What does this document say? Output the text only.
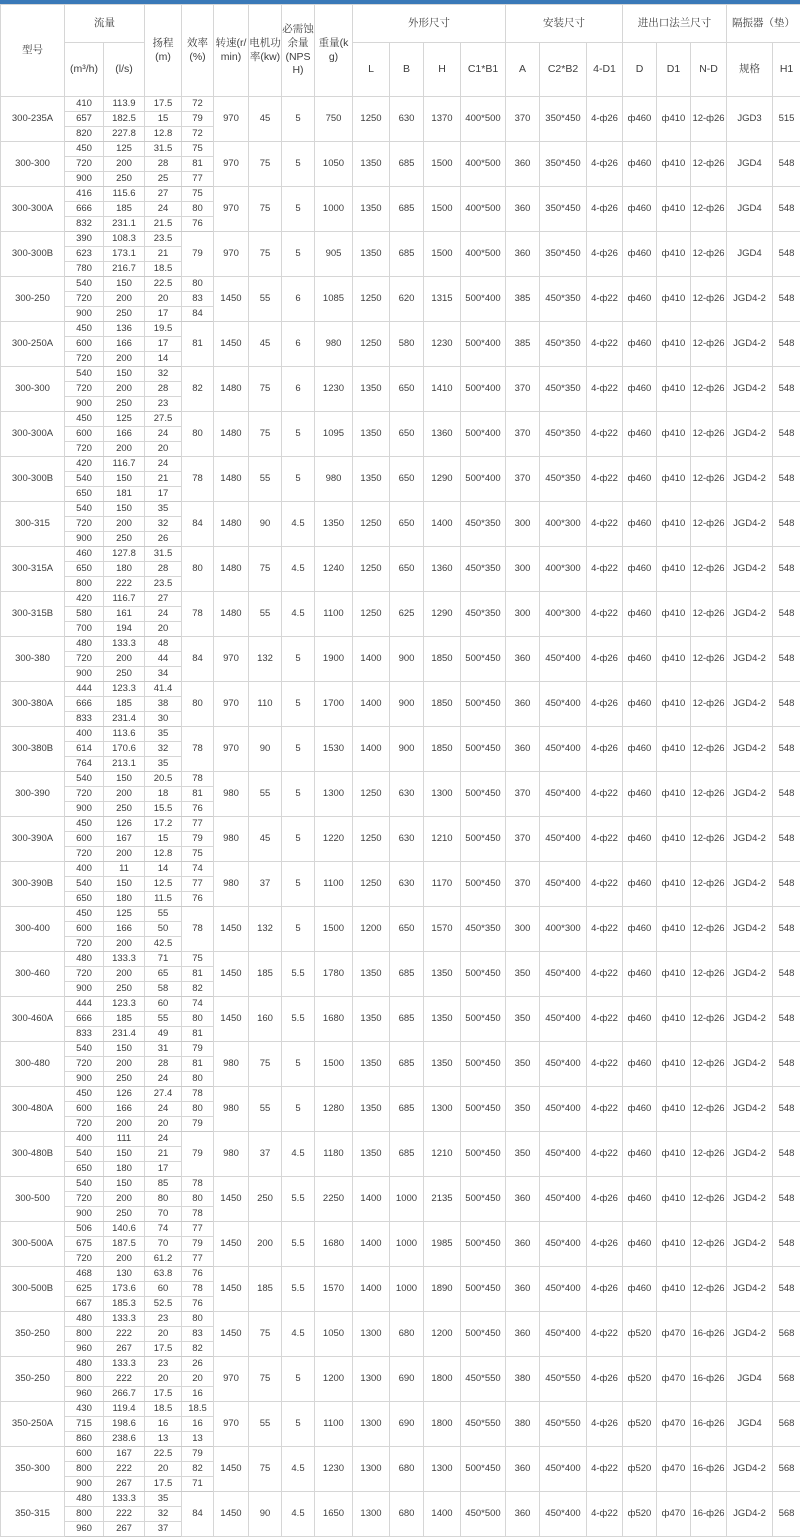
型号	流量		扬程(m)	效率(%)	转速(r/min)	电机功率(kw)	必需蚀余量(NPSH)	重量(kg)	外形尺寸				安装尺寸			进出口法兰尺寸			隔振器（垫）	
	(m³/h)	(l/s)							L	B	H	C1*B1	A	C2*B2	4-D1	D	D1	N-D	规格	H1
300-235A	410	113.9	17.5	72	970	45	5	750	1250	630	1370	400*500	370	350*450	4-ф26	ф460	ф410	12-ф26	JGD3	515
	657	182.5	15	79																
	820	227.8	12.8	72																
300-300	450	125	31.5	75	970	75	5	1050	1350	685	1500	400*500	360	350*450	4-ф26	ф460	ф410	12-ф26	JGD4	548
	720	200	28	81																
	900	250	25	77																
300-300A	416	115.6	27	75	970	75	5	1000	1350	685	1500	400*500	360	350*450	4-ф26	ф460	ф410	12-ф26	JGD4	548
	666	185	24	80																
	832	231.1	21.5	76																
300-300B	390	108.3	23.5	79	970	75	5	905	1350	685	1500	400*500	360	350*450	4-ф26	ф460	ф410	12-ф26	JGD4	548
	623	173.1	21																	
	780	216.7	18.5																	
300-250	540	150	22.5	80	1450	55	6	1085	1250	620	1315	500*400	385	450*350	4-ф22	ф460	ф410	12-ф26	JGD4-2	548
	720	200	20	83																
	900	250	17	84																
300-250A	450	136	19.5	81	1450	45	6	980	1250	580	1230	500*400	385	450*350	4-ф22	ф460	ф410	12-ф26	JGD4-2	548
	600	166	17																	
	720	200	14																	
300-300	540	150	32	82	1480	75	6	1230	1350	650	1410	500*400	370	450*350	4-ф22	ф460	ф410	12-ф26	JGD4-2	548
	720	200	28																	
	900	250	23																	
300-300A	450	125	27.5	80	1480	75	5	1095	1350	650	1360	500*400	370	450*350	4-ф22	ф460	ф410	12-ф26	JGD4-2	548
	600	166	24																	
	720	200	20																	
300-300B	420	116.7	24	78	1480	55	5	980	1350	650	1290	500*400	370	450*350	4-ф22	ф460	ф410	12-ф26	JGD4-2	548
	540	150	21																	
	650	181	17																	
300-315	540	150	35	84	1480	90	4.5	1350	1250	650	1400	450*350	300	400*300	4-ф22	ф460	ф410	12-ф26	JGD4-2	548
	720	200	32																	
	900	250	26																	
300-315A	460	127.8	31.5	80	1480	75	4.5	1240	1250	650	1360	450*350	300	400*300	4-ф22	ф460	ф410	12-ф26	JGD4-2	548
	650	180	28																	
	800	222	23.5																	
300-315B	420	116.7	27	78	1480	55	4.5	1100	1250	625	1290	450*350	300	400*300	4-ф22	ф460	ф410	12-ф26	JGD4-2	548
	580	161	24																	
	700	194	20																	
300-380	480	133.3	48	84	970	132	5	1900	1400	900	1850	500*450	360	450*400	4-ф26	ф460	ф410	12-ф26	JGD4-2	548
	720	200	44																	
	900	250	34																	
300-380A	444	123.3	41.4	80	970	110	5	1700	1400	900	1850	500*450	360	450*400	4-ф26	ф460	ф410	12-ф26	JGD4-2	548
	666	185	38																	
	833	231.4	30																	
300-380B	400	113.6	35	78	970	90	5	1530	1400	900	1850	500*450	360	450*400	4-ф26	ф460	ф410	12-ф26	JGD4-2	548
	614	170.6	32																	
	764	213.1	35																	
300-390	540	150	20.5	78	980	55	5	1300	1250	630	1300	500*450	370	450*400	4-ф22	ф460	ф410	12-ф26	JGD4-2	548
	720	200	18	81																
	900	250	15.5	76																
300-390A	450	126	17.2	77	980	45	5	1220	1250	630	1210	500*450	370	450*400	4-ф22	ф460	ф410	12-ф26	JGD4-2	548
	600	167	15	79																
	720	200	12.8	75																
300-390B	400	11	14	74	980	37	5	1100	1250	630	1170	500*450	370	450*400	4-ф22	ф460	ф410	12-ф26	JGD4-2	548
	540	150	12.5	77																
	650	180	11.5	76																
300-400	450	125	55	78	1450	132	5	1500	1200	650	1570	450*350	300	400*300	4-ф22	ф460	ф410	12-ф26	JGD4-2	548
	600	166	50																	
	720	200	42.5																	
300-460	480	133.3	71	75	1450	185	5.5	1780	1350	685	1350	500*450	350	450*400	4-ф22	ф460	ф410	12-ф26	JGD4-2	548
	720	200	65	81																
	900	250	58	82																
300-460A	444	123.3	60	74	1450	160	5.5	1680	1350	685	1350	500*450	350	450*400	4-ф22	ф460	ф410	12-ф26	JGD4-2	548
	666	185	55	80																
	833	231.4	49	81																
300-480	540	150	31	79	980	75	5	1500	1350	685	1350	500*450	350	450*400	4-ф22	ф460	ф410	12-ф26	JGD4-2	548
	720	200	28	81																
	900	250	24	80																
300-480A	450	126	27.4	78	980	55	5	1280	1350	685	1300	500*450	350	450*400	4-ф22	ф460	ф410	12-ф26	JGD4-2	548
	600	166	24	80																
	720	200	20	79																
300-480B	400	111	24	79	980	37	4.5	1180	1350	685	1210	500*450	350	450*400	4-ф22	ф460	ф410	12-ф26	JGD4-2	548
	540	150	21																	
	650	180	17																	
300-500	540	150	85	78	1450	250	5.5	2250	1400	1000	2135	500*450	360	450*400	4-ф26	ф460	ф410	12-ф26	JGD4-2	548
	720	200	80	80																
	900	250	70	78																
300-500A	506	140.6	74	77	1450	200	5.5	1680	1400	1000	1985	500*450	360	450*400	4-ф26	ф460	ф410	12-ф26	JGD4-2	548
	675	187.5	70	79																
	720	200	61.2	77																
300-500B	468	130	63.8	76	1450	185	5.5	1570	1400	1000	1890	500*450	360	450*400	4-ф26	ф460	ф410	12-ф26	JGD4-2	548
	625	173.6	60	78																
	667	185.3	52.5	76																
350-250	480	133.3	23	80	1450	75	4.5	1050	1300	680	1200	500*450	360	450*400	4-ф22	ф520	ф470	16-ф26	JGD4-2	568
	800	222	20	83																
	960	267	17.5	82																
350-250	480	133.3	23	26	970	75	5	1200	1300	690	1800	450*550	380	450*550	4-ф26	ф520	ф470	16-ф26	JGD4	568
	800	222	20	20																
	960	266.7	17.5	16																
350-250A	430	119.4	18.5	18.5	970	55	5	1100	1300	690	1800	450*550	380	450*550	4-ф26	ф520	ф470	16-ф26	JGD4	568
	715	198.6	16	16																
	860	238.6	13	13																
350-300	600	167	22.5	79	1450	75	4.5	1230	1300	680	1300	500*450	360	450*400	4-ф22	ф520	ф470	16-ф26	JGD4-2	568
	800	222	20	82																
	900	267	17.5	71																
350-315	480	133.3	35	84	1450	90	4.5	1650	1300	680	1400	450*500	360	450*400	4-ф22	ф520	ф470	16-ф26	JGD4-2	568
	800	222	32																	
	960	267	37																	
